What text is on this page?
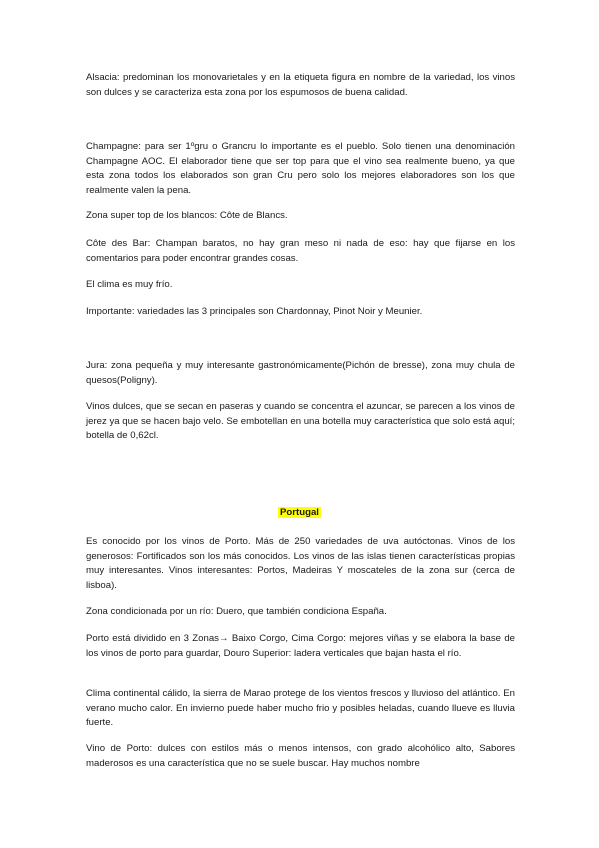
Alsacia: predominan los monovarietales y en la etiqueta figura en nombre de la variedad, los vinos son dulces y se caracteriza esta zona por los espumosos de buena calidad.

Champagne: para ser 1ºgru o Grancru lo importante es el pueblo. Solo tienen una denominación Champagne AOC. El elaborador tiene que ser top para que el vino sea realmente bueno, ya que esta zona todos los elaborados son gran Cru pero solo los mejores elaboradores son los que realmente valen la pena.

Zona super top de los blancos: Côte de Blancs.

Côte des Bar: Champan baratos, no hay gran meso ni nada de eso: hay que fijarse en los comentarios para poder encontrar grandes cosas.

El clima es muy frío.

Importante: variedades las 3 principales son Chardonnay, Pinot Noir y Meunier.

Jura: zona pequeña y muy interesante gastronómicamente(Pichón de bresse), zona muy chula de quesos(Poligny).

Vinos dulces, que se secan en paseras y cuando se concentra el azuncar, se parecen a los vinos de jerez ya que se hacen bajo velo. Se embotellan en una botella muy característica que solo está aquí; botella de 0,62cl.

Portugal

Es conocido por los vinos de Porto. Más de 250 variedades de uva autóctonas. Vinos de los generosos: Fortificados son los más conocidos. Los vinos de las islas tienen características propias muy interesantes. Vinos interesantes: Portos, Madeiras Y moscateles de la zona sur (cerca de lisboa).

Zona condicionada por un río: Duero, que también condiciona España.

Porto está dividido en 3 Zonas→ Baixo Corgo, Cima Corgo: mejores viñas y se elabora la base de los vinos de porto para guardar, Douro Superior: ladera verticales que bajan hasta el río.

Clima continental cálido, la sierra de Marao protege de los vientos frescos y lluvioso del atlántico. En verano mucho calor. En invierno puede haber mucho frio y posibles heladas, cuando llueve es lluvia fuerte.

Vino de Porto: dulces con estilos más o menos intensos, con grado alcohólico alto, Sabores maderosos es una característica que no se suele buscar. Hay muchos nombre
